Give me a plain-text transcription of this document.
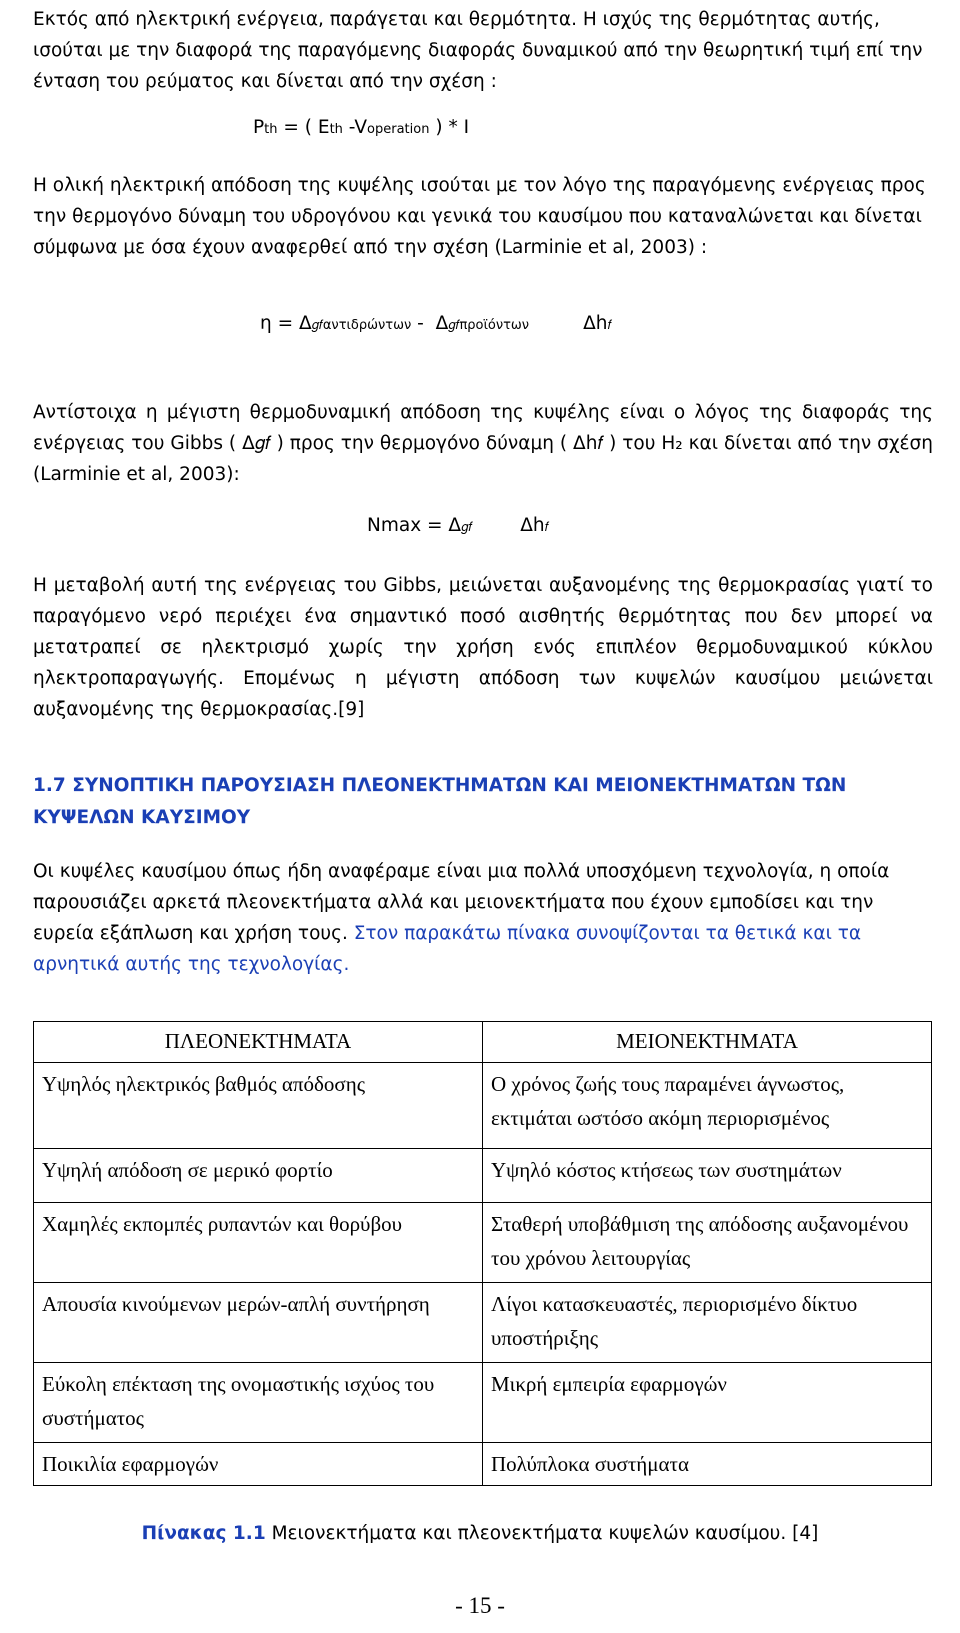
Εκτός από ηλεκτρική ενέργεια, παράγεται και θερμότητα. Η ισχύς της θερμότητας αυτής, ισούται με την διαφορά της παραγόμενης διαφοράς δυναμικού από την θεωρητική τιμή επί την ένταση του ρεύματος και δίνεται από την σχέση :

Pth = ( Eth -Voperation ) * I

Η ολική ηλεκτρική απόδοση της κυψέλης ισούται με τον λόγο της παραγόμενης ενέργειας προς την θερμογόνο δύναμη του υδρογόνου και γενικά του καυσίμου που καταναλώνεται και δίνεται σύμφωνα με όσα έχουν αναφερθεί από την σχέση (Larminie et al, 2003) :

η = Δ𝑔𝑓αντιδρώντων -  Δ𝑔𝑓προϊόντων	Δh𝑓

Αντίστοιχα η μέγιστη θερμοδυναμική απόδοση της κυψέλης είναι ο λόγος της διαφοράς της ενέργειας του Gibbs ( Δ𝑔𝑓 ) προς την θερμογόνο δύναμη ( Δh𝑓 ) του H₂ και δίνεται από την σχέση (Larminie et al, 2003):

Nmax = Δ𝑔𝑓	Δh𝑓

Η μεταβολή αυτή της ενέργειας του Gibbs, μειώνεται αυξανομένης της θερμοκρασίας γιατί το παραγόμενο νερό περιέχει ένα σημαντικό ποσό αισθητής θερμότητας που δεν μπορεί να μετατραπεί σε ηλεκτρισμό χωρίς την χρήση ενός επιπλέον θερμοδυναμικού κύκλου ηλεκτροπαραγωγής. Επομένως η μέγιστη απόδοση των κυψελών καυσίμου μειώνεται αυξανομένης της θερμοκρασίας.[9]

1.7 ΣΥΝΟΠΤΙΚΗ ΠΑΡΟΥΣΙΑΣΗ ΠΛΕΟΝΕΚΤΗΜΑΤΩΝ ΚΑΙ ΜΕΙΟΝΕΚΤΗΜΑΤΩΝ ΤΩΝ ΚΥΨΕΛΩΝ ΚΑΥΣΙΜΟΥ

Οι κυψέλες καυσίμου όπως ήδη αναφέραμε είναι μια πολλά υποσχόμενη τεχνολογία, η οποία παρουσιάζει αρκετά πλεονεκτήματα αλλά και μειονεκτήματα που έχουν εμποδίσει και την ευρεία εξάπλωση και χρήση τους. Στον παρακάτω πίνακα συνοψίζονται τα θετικά και τα αρνητικά αυτής της τεχνολογίας.

ΠΛΕΟΝΕΚΤΗΜΑΤΑ	ΜΕΙΟΝΕΚΤΗΜΑΤΑ
Υψηλός ηλεκτρικός βαθμός απόδοσης	Ο χρόνος ζωής τους παραμένει άγνωστος, εκτιμάται ωστόσο ακόμη περιορισμένος
Υψηλή απόδοση σε μερικό φορτίο	Υψηλό κόστος κτήσεως των συστημάτων
Χαμηλές εκπομπές ρυπαντών και θορύβου	Σταθερή υποβάθμιση της απόδοσης αυξανομένου του χρόνου λειτουργίας
Απουσία κινούμενων μερών-απλή συντήρηση	Λίγοι κατασκευαστές, περιορισμένο δίκτυο υποστήριξης
Εύκολη επέκταση της ονομαστικής ισχύος του συστήματος	Μικρή εμπειρία εφαρμογών
Ποικιλία εφαρμογών	Πολύπλοκα συστήματα
Πίνακας 1.1 Μειονεκτήματα και πλεονεκτήματα κυψελών καυσίμου. [4]
- 15 -
